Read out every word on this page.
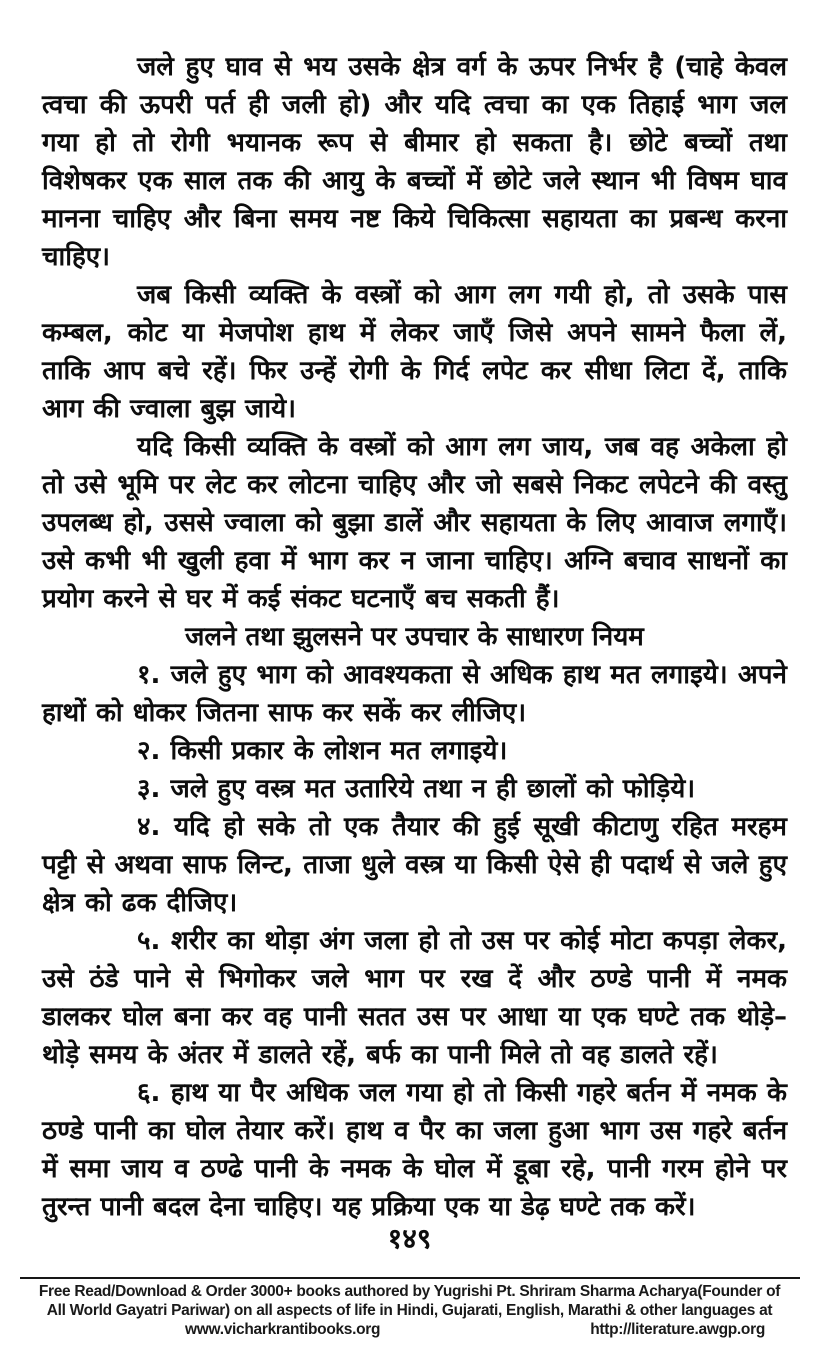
जले हुए घाव से भय उसके क्षेत्र वर्ग के ऊपर निर्भर है (चाहे केवल त्वचा की ऊपरी पर्त ही जली हो) और यदि त्वचा का एक तिहाई भाग जल गया हो तो रोगी भयानक रूप से बीमार हो सकता है। छोटे बच्चों तथा विशेषकर एक साल तक की आयु के बच्चों में छोटे जले स्थान भी विषम घाव मानना चाहिए और बिना समय नष्ट किये चिकित्सा सहायता का प्रबन्ध करना चाहिए।

जब किसी व्यक्ति के वस्त्रों को आग लग गयी हो, तो उसके पास कम्बल, कोट या मेजपोश हाथ में लेकर जाएँ जिसे अपने सामने फैला लें, ताकि आप बचे रहें। फिर उन्हें रोगी के गिर्द लपेट कर सीधा लिटा दें, ताकि आग की ज्वाला बुझ जाये।

यदि किसी व्यक्ति के वस्त्रों को आग लग जाय, जब वह अकेला हो तो उसे भूमि पर लेट कर लोटना चाहिए और जो सबसे निकट लपेटने की वस्तु उपलब्ध हो, उससे ज्वाला को बुझा डालें और सहायता के लिए आवाज लगाएँ। उसे कभी भी खुली हवा में भाग कर न जाना चाहिए। अग्नि बचाव साधनों का प्रयोग करने से घर में कई संकट घटनाएँ बच सकती हैं।

जलने तथा झुलसने पर उपचार के साधारण नियम

१. जले हुए भाग को आवश्यकता से अधिक हाथ मत लगाइये। अपने हाथों को धोकर जितना साफ कर सकें कर लीजिए।

२. किसी प्रकार के लोशन मत लगाइये।

३. जले हुए वस्त्र मत उतारिये तथा न ही छालों को फोड़िये।

४. यदि हो सके तो एक तैयार की हुई सूखी कीटाणु रहित मरहम पट्टी से अथवा साफ लिन्ट, ताजा धुले वस्त्र या किसी ऐसे ही पदार्थ से जले हुए क्षेत्र को ढक दीजिए।

५. शरीर का थोड़ा अंग जला हो तो उस पर कोई मोटा कपड़ा लेकर, उसे ठंडे पाने से भिगोकर जले भाग पर रख दें और ठण्डे पानी में नमक डालकर घोल बना कर वह पानी सतत उस पर आधा या एक घण्टे तक थोड़े–थोड़े समय के अंतर में डालते रहें, बर्फ का पानी मिले तो वह डालते रहें।

६. हाथ या पैर अधिक जल गया हो तो किसी गहरे बर्तन में नमक के ठण्डे पानी का घोल तेयार करें। हाथ व पैर का जला हुआ भाग उस गहरे बर्तन में समा जाय व ठण्ढे पानी के नमक के घोल में डूबा रहे, पानी गरम होने पर तुरन्त पानी बदल देना चाहिए। यह प्रक्रिया एक या डेढ़ घण्टे तक करें।

१४९
Free Read/Download & Order 3000+ books authored by Yugrishi Pt. Shriram Sharma Acharya(Founder of
All World Gayatri Pariwar) on all aspects of life in Hindi, Gujarati, English, Marathi & other languages at
www.vicharkrantibooks.org	http://literature.awgp.org
